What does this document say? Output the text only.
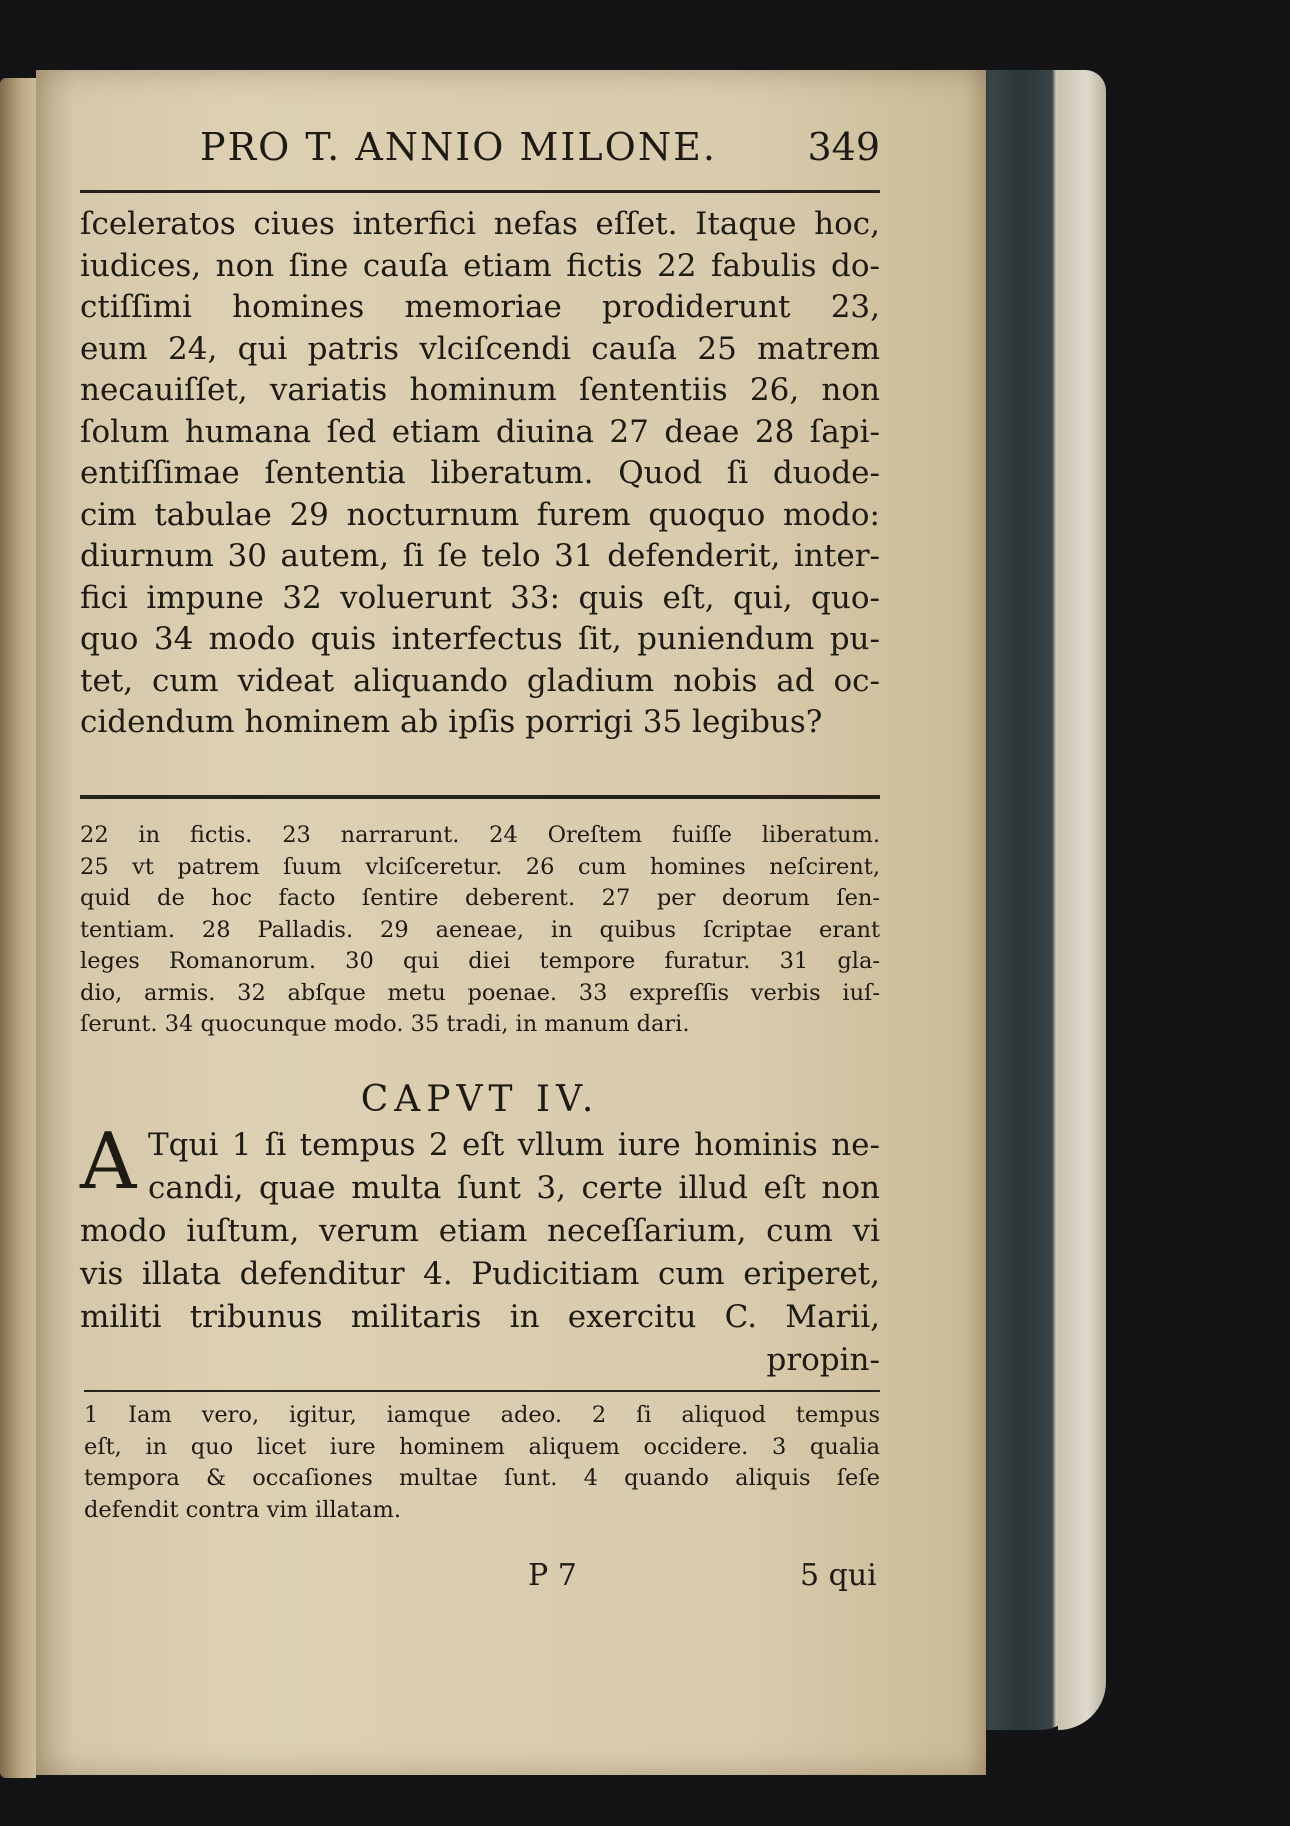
PRO T. ANNIO MILONE. 349
ſceleratos ciues interfici nefas eſſet. Itaque hoc,
iudices, non ſine cauſa etiam fictis 22 fabulis do-
ctiſſimi homines memoriae prodiderunt 23,
eum 24, qui patris vlciſcendi cauſa 25 matrem
necauiſſet, variatis hominum ſententiis 26, non
ſolum humana ſed etiam diuina 27 deae 28 ſapi-
entiſſimae ſententia liberatum. Quod ſi duode-
cim tabulae 29 nocturnum furem quoquo modo:
diurnum 30 autem, ſi ſe telo 31 defenderit, inter-
fici impune 32 voluerunt 33: quis eſt, qui, quo-
quo 34 modo quis interfectus ſit, puniendum pu-
tet, cum videat aliquando gladium nobis ad oc-
cidendum hominem ab ipſis porrigi 35 legibus?
22 in fictis. 23 narrarunt. 24 Oreſtem fuiſſe liberatum.
25 vt patrem ſuum vlciſceretur. 26 cum homines neſcirent,
quid de hoc facto ſentire deberent. 27 per deorum ſen-
tentiam. 28 Palladis. 29 aeneae, in quibus ſcriptae erant
leges Romanorum. 30 qui diei tempore furatur. 31 gla-
dio, armis. 32 abſque metu poenae. 33 expreſſis verbis iuſ-
ſerunt. 34 quocunque modo. 35 tradi, in manum dari.
CAPVT IV.
A Tqui 1 ſi tempus 2 eſt vllum iure hominis ne-
candi, quae multa ſunt 3, certe illud eſt non
modo iuſtum, verum etiam neceſſarium, cum vi
vis illata defenditur 4. Pudicitiam cum eriperet,
militi tribunus militaris in exercitu C. Marii,
propin-
1 Iam vero, igitur, iamque adeo. 2 ſi aliquod tempus
eſt, in quo licet iure hominem aliquem occidere. 3 qualia
tempora & occaſiones multae ſunt. 4 quando aliquis ſeſe
defendit contra vim illatam.
P 7	5 qui
